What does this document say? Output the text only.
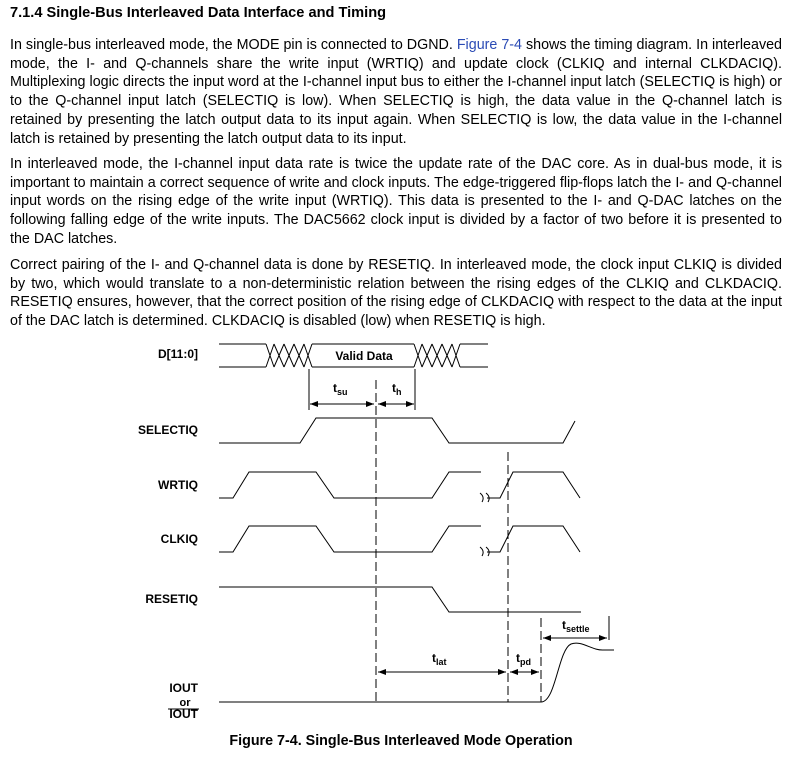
7.1.4 Single-Bus Interleaved Data Interface and Timing
In single-bus interleaved mode, the MODE pin is connected to DGND. Figure 7-4 shows the timing diagram. In interleaved mode, the I- and Q-channels share the write input (WRTIQ) and update clock (CLKIQ and internal CLKDACIQ). Multiplexing logic directs the input word at the I-channel input bus to either the I-channel input latch (SELECTIQ is high) or to the Q-channel input latch (SELECTIQ is low). When SELECTIQ is high, the data value in the Q-channel latch is retained by presenting the latch output data to its input again. When SELECTIQ is low, the data value in the I-channel latch is retained by presenting the latch output data to its input.
In interleaved mode, the I-channel input data rate is twice the update rate of the DAC core. As in dual-bus mode, it is important to maintain a correct sequence of write and clock inputs. The edge-triggered flip-flops latch the I- and Q-channel input words on the rising edge of the write input (WRTIQ). This data is presented to the I- and Q-DAC latches on the following falling edge of the write inputs. The DAC5662 clock input is divided by a factor of two before it is presented to the DAC latches.
Correct pairing of the I- and Q-channel data is done by RESETIQ. In interleaved mode, the clock input CLKIQ is divided by two, which would translate to a non-deterministic relation between the rising edges of the CLKIQ and CLKDACIQ. RESETIQ ensures, however, that the correct position of the rising edge of CLKDACIQ with respect to the data at the input of the DAC latch is determined. CLKDACIQ is disabled (low) when RESETIQ is high.
D[11:0]
SELECTIQ
WRTIQ
CLKIQ
RESETIQ
IOUT
IOUT
or
Valid Data
$t_{su}$	$t_h$
$t_{lat}$	$t_{pd}$
$t_{settle}$
Figure 7-4. Single-Bus Interleaved Mode Operation
